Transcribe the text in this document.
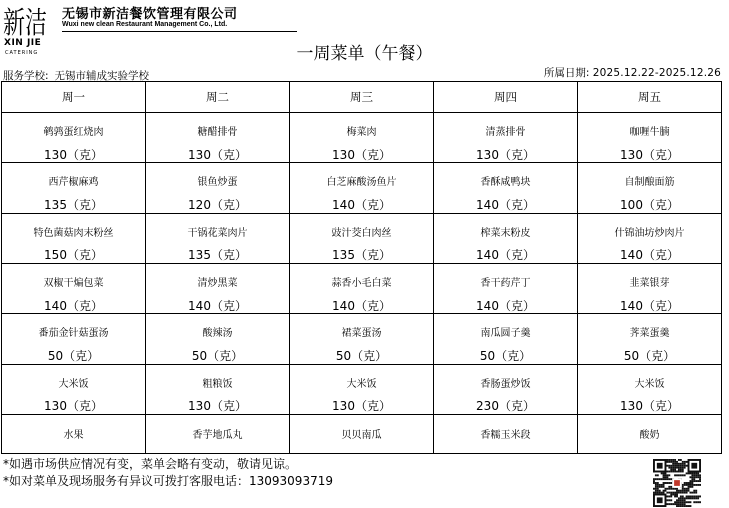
新洁
XIN JIE
CATERING
无锡市新洁餐饮管理有限公司
Wuxi new clean Restaurant Management Co., Ltd.
一周菜单（午餐）
服务学校: 无锡市辅成实验学校	所属日期: 2025.12.22-2025.12.26
周一	周二	周三	周四	周五
鹌鹑蛋红烧肉	糖醋排骨	梅菜肉	清蒸排骨	咖喱牛腩
130（克）	130（克）	130（克）	130（克）	130（克）
西芹椒麻鸡	银鱼炒蛋	白芝麻酸汤鱼片	香酥咸鸭块	自制酿面筋
135（克）	120（克）	140（克）	140（克）	100（克）
特色菌菇肉末粉丝	干锅花菜肉片	豉汁茭白肉丝	榨菜末粉皮	什锦油坊炒肉片
150（克）	135（克）	135（克）	140（克）	140（克）
双椒干煸包菜	清炒黑菜	蒜香小毛白菜	香干药芹丁	韭菜银芽
140（克）	140（克）	140（克）	140（克）	140（克）
番茄金针菇蛋汤	酸辣汤	裙菜蛋汤	南瓜圆子羹	荠菜蛋羹
50（克）	50（克）	50（克）	50（克）	50（克）
大米饭	粗粮饭	大米饭	香肠蛋炒饭	大米饭
130（克）	130（克）	130（克）	230（克）	130（克）
水果	香芋地瓜丸	贝贝南瓜	香糯玉米段	酸奶
*如遇市场供应情况有变，菜单会略有变动，敬请见谅。
*如对菜单及现场服务有异议可拨打客服电话：13093093719
